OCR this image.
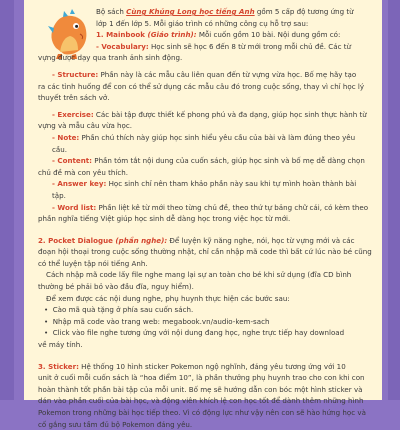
Bộ sách Cùng Khủng Long học tiếng Anh gồm 5 cấp độ tương ứng từ

lớp 1 đến lớp 5. Mỗi giáo trình có những công cụ hỗ trợ sau:

1. Mainbook (Giáo trình): Mỗi cuốn gồm 10 bài. Nội dung gồm có:

- Vocabulary: Học sinh sẽ học 6 đến 8 từ mới trong mỗi chủ đề. Các từ

vựng được dạy qua tranh ảnh sinh động.

- Structure: Phần này là các mẫu câu liên quan đến từ vựng vừa học. Bố mẹ hãy tạo

ra các tình huống để con có thể sử dụng các mẫu câu đó trong cuộc sống, thay vì chỉ học lý

thuyết trên sách vở.

- Exercise: Các bài tập được thiết kế phong phú và đa dạng, giúp học sinh thực hành từ

vựng và mẫu câu vừa học.

- Note: Phần chú thích này giúp học sinh hiểu yêu cầu của bài và làm đúng theo yêu cầu.

- Content: Phần tóm tắt nội dung của cuốn sách, giúp học sinh và bố mẹ dễ dàng chọn

chủ đề mà con yêu thích.

- Answer key: Học sinh chỉ nên tham khảo phần này sau khi tự mình hoàn thành bài tập.

- Word list: Phần liệt kê từ mới theo từng chủ đề, theo thứ tự bảng chữ cái, có kèm theo

phần nghĩa tiếng Việt giúp học sinh dễ dàng học trong việc học từ mới.

2. Pocket Dialogue (phần nghe): Để luyện kỹ năng nghe, nói, học từ vựng mới và các

đoạn hội thoại trong cuộc sống thường nhật, chỉ cần nhập mã code thì bất cứ lúc nào bé cũng

có thể luyện tập nói tiếng Anh.

Cách nhập mã code lấy file nghe mang lại sự an toàn cho bé khi sử dụng (đĩa CD bình

thường bé phải bỏ vào đầu đĩa, nguy hiểm).

Để xem được các nội dung nghe, phụ huynh thực hiện các bước sau:

•  Cào mã quà tặng ở phía sau cuốn sách.

•  Nhập mã code vào trang web: megabook.vn/audio-kem-sach

•  Click vào file nghe tương ứng với nội dung đang học, nghe trực tiếp hay download

về máy tính.

3. Sticker: Hệ thống 10 hình sticker Pokemon ngộ nghĩnh, đáng yêu tương ứng với 10

unit ở cuối mỗi cuốn sách là “hoa điểm 10”, là phần thưởng phụ huynh trao cho con khi con

hoàn thành tốt phần bài tập của mỗi unit. Bố mẹ sẽ hướng dẫn con bóc một hình sticker và

dán vào phần cuối của bài học, và động viên khích lệ con học tốt để dành thêm những hình

Pokemon trong những bài học tiếp theo. Vì có động lực như vậy nên con sẽ hào hứng học và

cố gắng sưu tầm đủ bộ Pokemon đáng yêu.
